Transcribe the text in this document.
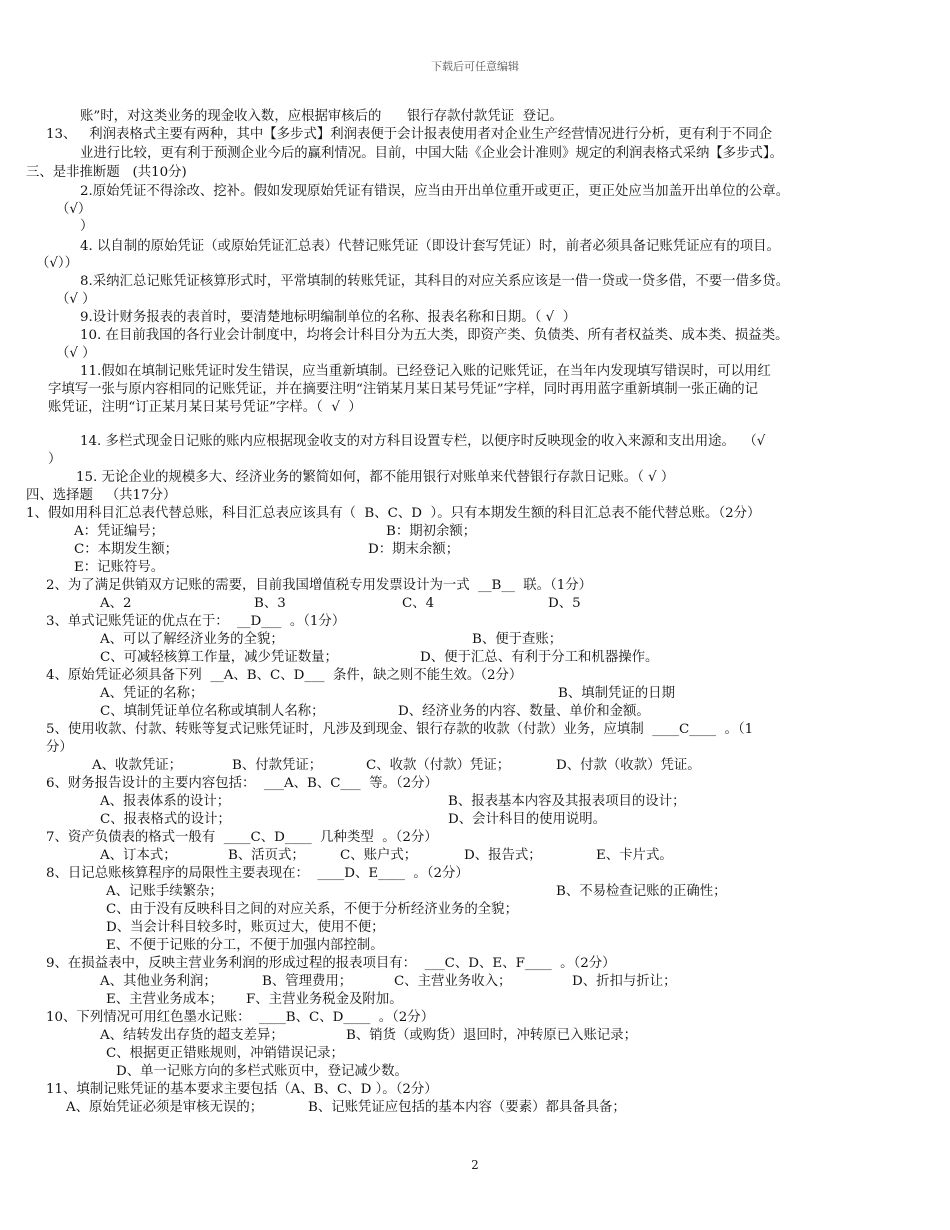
下载后可任意编辑
账”时，对这类业务的现金收入数，应根据审核后的      银行存款付款凭证  登记。
13、   利润表格式主要有两种，其中【多步式】利润表便于会计报表使用者对企业生产经营情况进行分析，更有利于不同企
业进行比较，更有利于预测企业今后的赢利情况。目前，中国大陆《企业会计准则》规定的利润表格式采纳【多步式】。
三、是非推断题   (共10分)
2.原始凭证不得涂改、挖补。假如发现原始凭证有错误，应当由开出单位重开或更正，更正处应当加盖开出单位的公章。
（√）
）
4. 以自制的原始凭证（或原始凭证汇总表）代替记账凭证（即设计套写凭证）时，前者必须具备记账凭证应有的项目。
（√））
8.采纳汇总记账凭证核算形式时，平常填制的转账凭证，其科目的对应关系应该是一借一贷或一贷多借，不要一借多贷。
（√ ）
9.设计财务报表的表首时，要清楚地标明编制单位的名称、报表名称和日期。（ √  ）
10. 在目前我国的各行业会计制度中，均将会计科目分为五大类，即资产类、负债类、所有者权益类、成本类、损益类。
（√ ）
11.假如在填制记账凭证时发生错误，应当重新填制。已经登记入账的记账凭证，在当年内发现填写错误时，可以用红
字填写一张与原内容相同的记账凭证，并在摘要注明“注销某月某日某号凭证”字样，同时再用蓝字重新填制一张正确的记
账凭证，注明“订正某月某日某号凭证”字样。（  √  ）
14. 多栏式现金日记账的账内应根据现金收支的对方科目设置专栏，以便序时反映现金的收入来源和支出用途。  （√
）
15. 无论企业的规模多大、经济业务的繁简如何，都不能用银行对账单来代替银行存款日记账。（ √ ）
四、选择题   （共17分）
1、假如用科目汇总表代替总账，科目汇总表应该具有（  B、C、D  ）。只有本期发生额的科目汇总表不能代替总账。（2分）
A：凭证编号；	B：期初余额；
C：本期发生额；	D：期末余额；
E：记账符号。
2、为了满足供销双方记账的需要，目前我国增值税专用发票设计为一式  __B__  联。（1分）
A、2	B、3	C、4	D、5
3、单式记账凭证的优点在于：  __D___  。（1分）
A、可以了解经济业务的全貌；	B、便于查账；
C、可减轻核算工作量，减少凭证数量；	D、便于汇总、有利于分工和机器操作。
4、原始凭证必须具备下列  __A、B、C、D___  条件，缺之则不能生效。（2分）
A、凭证的名称；	B、填制凭证的日期
C、填制凭证单位名称或填制人名称；	D、经济业务的内容、数量、单价和金额。
5、使用收款、付款、转账等复式记账凭证时，凡涉及到现金、银行存款的收款（付款）业务，应填制  ____C____  。（1
分）
A、收款凭证；	B、付款凭证；	C、收款（付款）凭证；	D、付款（收款）凭证。
6、财务报告设计的主要内容包括：  ___A、B、C___  等。（2分）
A、报表体系的设计；	B、报表基本内容及其报表项目的设计；
C、报表格式的设计；	D、会计科目的使用说明。
7、资产负债表的格式一般有  ____C、D____  几种类型  。（2分）
A、订本式；	B、活页式；	C、账户式；	D、报告式；	E、卡片式。
8、日记总账核算程序的局限性主要表现在：  ____D、E____  。（2分）
A、记账手续繁杂；	B、不易检查记账的正确性；
C、由于没有反映科目之间的对应关系，不便于分析经济业务的全貌；
D、当会计科目较多时，账页过大，使用不便；
E、不便于记账的分工，不便于加强内部控制。
9、在损益表中，反映主营业务利润的形成过程的报表项目有：  ___C、D、E、F____  。（2分）
A、其他业务利润；	B、管理费用；	C、主营业务收入；	D、折扣与折让；
E、主营业务成本； F、主营业务税金及附加。
10、下列情况可用红色墨水记账：  ____B、C、D____  。（2分）
A、结转发出存货的超支差异；	B、销货（或购货）退回时，冲转原已入账记录；
C、根据更正错账规则，冲销错误记录；
D、单一记账方向的多栏式账页中，登记减少数。
11、填制记账凭证的基本要求主要包括（A、B、C、D ）。（2分）
A、原始凭证必须是审核无误的；	B、记账凭证应包括的基本内容（要素）都具备具备；
2
